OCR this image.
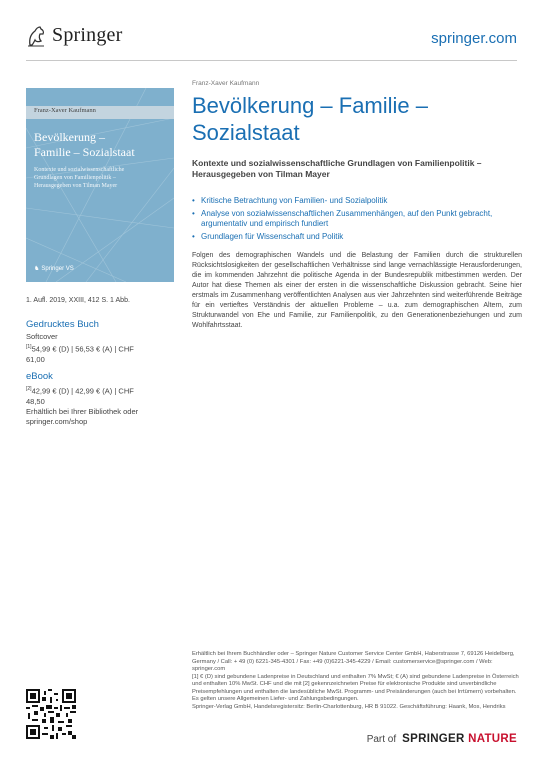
Springer	springer.com
Franz-Xaver Kaufmann
Bevölkerung –
Familie – Sozialstaat
Kontexte und sozialwissenschaftliche
Grundlagen von Familienpolitik –
Herausgegeben von Tilman Mayer
♞ Springer VS
1. Aufl. 2019, XXIII, 412 S. 1 Abb.
Gedrucktes Buch
Softcover
[1]54,99 € (D) | 56,53 € (A) | CHF
61,00
eBook
[2]42,99 € (D) | 42,99 € (A) | CHF
48,50
Erhältlich bei Ihrer Bibliothek oder
springer.com/shop
Franz-Xaver Kaufmann
Bevölkerung – Familie –
Sozialstaat
Kontexte und sozialwissenschaftliche Grundlagen von Familienpolitik – Herausgegeben von Tilman Mayer
• Kritische Betrachtung von Familien- und Sozialpolitik
• Analyse von sozialwissenschaftlichen Zusammenhängen, auf den Punkt gebracht, argumentativ und empirisch fundiert
• Grundlagen für Wissenschaft und Politik
Folgen des demographischen Wandels und die Belastung der Familien durch die strukturellen Rücksichtslosigkeiten der gesellschaftlichen Verhältnisse sind lange vernachlässigte Herausforderungen, die im kommenden Jahrzehnt die politische Agenda in der Bundesrepublik mitbestimmen werden. Der Autor hat diese Themen als einer der ersten in die wissenschaftliche Diskussion gebracht. Seine hier erstmals im Zusammenhang veröffentlichten Analysen aus vier Jahrzehnten sind weiterführende Beiträge für ein vertieftes Verständnis der aktuellen Probleme – u.a. zum demographischen Altern, zum Strukturwandel von Ehe und Familie, zur Familienpolitik, zu den Generationenbeziehungen und zum Wohlfahrtsstaat.
Erhältlich bei Ihrem Buchhändler oder – Springer Nature Customer Service Center GmbH, Haberstrasse 7, 69126 Heidelberg, Germany / Call: + 49 (0) 6221-345-4301 / Fax: +49 (0)6221-345-4229 / Email: customerservice@springer.com / Web: springer.com
[1] € (D) sind gebundene Ladenpreise in Deutschland und enthalten 7% MwSt; € (A) sind gebundene Ladenpreise in Österreich und enthalten 10% MwSt. CHF und die mit [2] gekennzeichneten Preise für elektronische Produkte sind unverbindliche Preisempfehlungen und enthalten die landesübliche MwSt. Programm- und Preisänderungen (auch bei Irrtümern) vorbehalten. Es gelten unsere Allgemeinen Liefer- und Zahlungsbedingungen.
Springer-Verlag GmbH, Handelsregistersitz: Berlin-Charlottenburg, HR B 91022. Geschäftsführung: Haank, Mos, Hendriks
Part of SPRINGER NATURE
